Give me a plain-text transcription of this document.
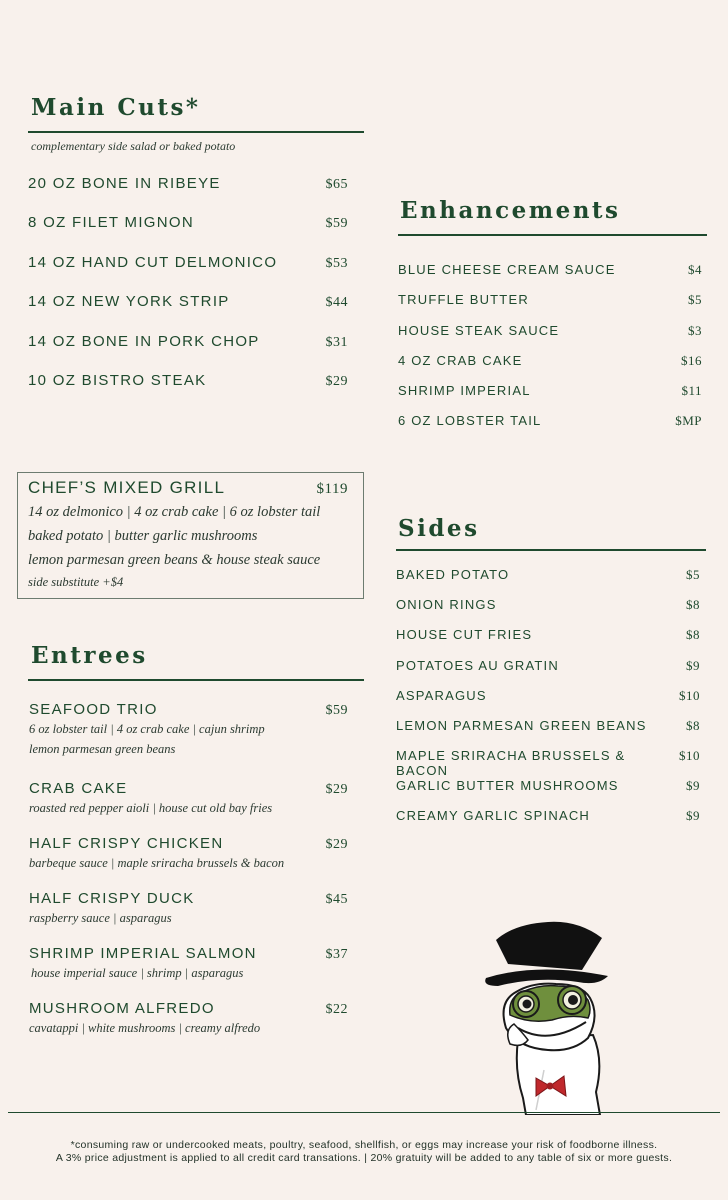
Main Cuts*
complementary side salad or baked potato
20 OZ BONE IN RIBEYE	$65
8 OZ FILET MIGNON	$59
14 OZ HAND CUT DELMONICO	$53
14 OZ NEW YORK STRIP	$44
14 OZ BONE IN PORK CHOP	$31
10 OZ BISTRO STEAK	$29
CHEF’S MIXED GRILL	$119
14 oz delmonico | 4 oz crab cake | 6 oz lobster tail
baked potato | butter garlic mushrooms
lemon parmesan green beans & house steak sauce
side substitute +$4
Entrees
SEAFOOD TRIO	$59
6 oz lobster tail | 4 oz crab cake | cajun shrimp
lemon parmesan green beans
CRAB CAKE	$29
roasted red pepper aioli | house cut old bay fries
HALF CRISPY CHICKEN	$29
barbeque sauce | maple sriracha brussels & bacon
HALF CRISPY DUCK	$45
raspberry sauce | asparagus
SHRIMP IMPERIAL SALMON	$37
house imperial sauce | shrimp | asparagus
MUSHROOM ALFREDO	$22
cavatappi | white mushrooms | creamy alfredo
Enhancements
BLUE CHEESE CREAM SAUCE	$4
TRUFFLE BUTTER	$5
HOUSE STEAK SAUCE	$3
4 OZ CRAB CAKE	$16
SHRIMP IMPERIAL	$11
6 OZ LOBSTER TAIL	$MP
Sides
BAKED POTATO	$5
ONION RINGS	$8
HOUSE CUT FRIES	$8
POTATOES AU GRATIN	$9
ASPARAGUS	$10
LEMON PARMESAN GREEN BEANS	$8
MAPLE SRIRACHA BRUSSELS & BACON
$10
GARLIC BUTTER MUSHROOMS	$9
CREAMY GARLIC SPINACH	$9
*consuming raw or undercooked meats, poultry, seafood, shellfish, or eggs may increase your risk of foodborne illness.
A 3% price adjustment is applied to all credit card transations. | 20% gratuity will be added to any table of six or more guests.
